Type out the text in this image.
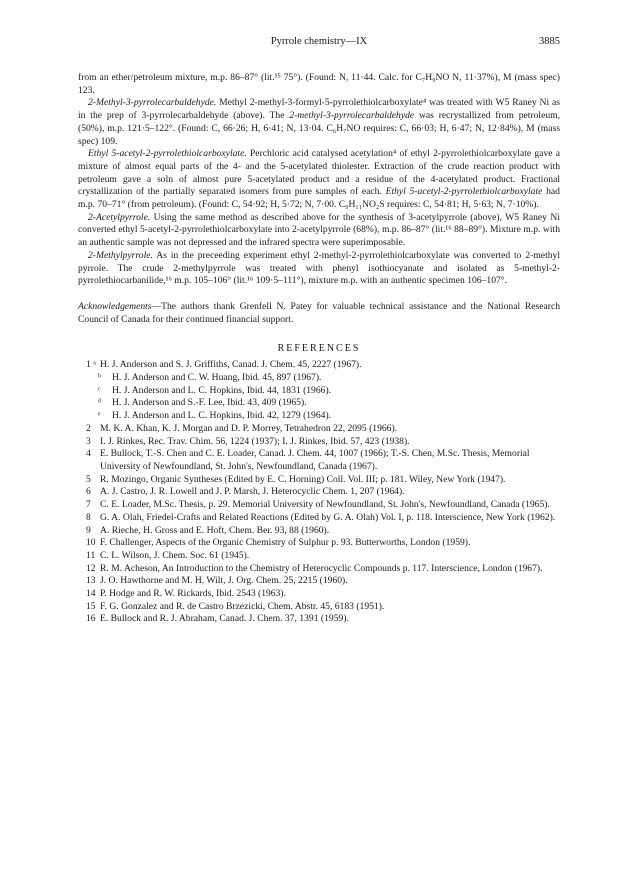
Pyrrole chemistry—IX	3885

from an ether/petroleum mixture, m.p. 86–87° (lit.¹⁵ 75°). (Found: N, 11·44. Calc. for C₇H₉NO N, 11·37%), M (mass spec) 123.

2-Methyl-3-pyrrolecarbaldehyde. Methyl 2-methyl-3-formyl-5-pyrrolethiolcarboxylate⁴ was treated with W5 Raney Ni as in the prep of 3-pyrrolecarbaldehyde (above). The 2-methyl-3-pyrrolecarbaldehyde was recrystallized from petroleum, (50%), m.p. 121·5–122°. (Found: C, 66·26; H, 6·41; N, 13·04. C₆H₇NO requires: C, 66·03; H, 6·47; N, 12·84%), M (mass spec) 109.

Ethyl 5-acetyl-2-pyrrolethiolcarboxylate. Perchloric acid catalysed acetylation⁴ of ethyl 2-pyrrolethiolcarboxylate gave a mixture of almost equal parts of the 4- and the 5-acetylated thiolester. Extraction of the crude reaction product with petroleum gave a soln of almost pure 5-acetylated product and a residue of the 4-acetylated product. Fractional crystallization of the partially separated isomers from pure samples of each. Ethyl 5-acetyl-2-pyrrolethiolcarboxylate had m.p. 70–71° (from petroleum). (Found: C, 54·92; H, 5·72; N, 7·00. C₉H₁₁NO₂S requires: C, 54·81; H, 5·63; N, 7·10%).

2-Acetylpyrrole. Using the same method as described above for the synthesis of 3-acetylpyrrole (above), W5 Raney Ni converted ethyl 5-acetyl-2-pyrrolethiolcarboxylate into 2-acetylpyrrole (68%), m.p. 86–87° (lit.¹⁶ 88–89°). Mixture m.p. with an authentic sample was not depressed and the infrared spectra were superimposable.

2-Methylpyrrole. As in the preceeding experiment ethyl 2-methyl-2-pyrrolethiolcarboxylate was converted to 2-methyl pyrrole. The crude 2-methylpyrrole was treated with phenyl isothiocyanate and isolated as 5-methyl-2-pyrrolethiocarbanilide,¹⁶ m.p. 105–106° (lit.¹⁶ 109·5–111°), mixture m.p. with an authentic specimen 106–107°.

Acknowledgements—The authors thank Grenfell N. Patey for valuable technical assistance and the National Research Council of Canada for their continued financial support.

REFERENCES
1 ᵃ H. J. Anderson and S. J. Griffiths, Canad. J. Chem. 45, 2227 (1967).
ᵇ	H. J. Anderson and C. W. Huang, Ibid. 45, 897 (1967).
ᶜ	H. J. Anderson and L. C. Hopkins, Ibid. 44, 1831 (1966).
ᵈ	H. J. Anderson and S.-F. Lee, Ibid. 43, 409 (1965).
ᵉ	H. J. Anderson and L. C. Hopkins, Ibid. 42, 1279 (1964).
2 M. K. A. Khan, K. J. Morgan and D. P. Morrey, Tetrahedron 22, 2095 (1966).
3 I. J. Rinkes, Rec. Trav. Chim. 56, 1224 (1937); I. J. Rinkes, Ibid. 57, 423 (1938).
4 E. Bullock, T.-S. Chen and C. E. Loader, Canad. J. Chem. 44, 1007 (1966); T.-S. Chen, M.Sc. Thesis, Memorial University of Newfoundland, St. John's, Newfoundland, Canada (1967).
5 R. Mozingo, Organic Syntheses (Edited by E. C. Horning) Coll. Vol. III; p. 181. Wiley, New York (1947).
6 A. J. Castro, J. R. Lowell and J. P. Marsh, J. Heterocyclic Chem. 1, 207 (1964).
7 C. E. Loader, M.Sc. Thesis, p. 29. Memorial University of Newfoundland, St. John's, Newfoundland, Canada (1965).
8 G. A. Olah, Friedel-Crafts and Related Reactions (Edited by G. A. Olah) Vol. I, p. 118. Interscience, New York (1962).
9 A. Rieche, H. Gross and E. Hoft, Chem. Ber. 93, 88 (1960).
10 F. Challenger, Aspects of the Organic Chemistry of Sulphur p. 93. Butterworths, London (1959).
11 C. L. Wilson, J. Chem. Soc. 61 (1945).
12 R. M. Acheson, An Introduction to the Chemistry of Heterocyclic Compounds p. 117. Interscience, London (1967).
13 J. O. Hawthorne and M. H. Wilt, J. Org. Chem. 25, 2215 (1960).
14 P. Hodge and R. W. Rickards, Ibid. 2543 (1963).
15 F. G. Gonzalez and R. de Castro Brzezicki, Chem. Abstr. 45, 6183 (1951).
16 E. Bullock and R. J. Abraham, Canad. J. Chem. 37, 1391 (1959).
